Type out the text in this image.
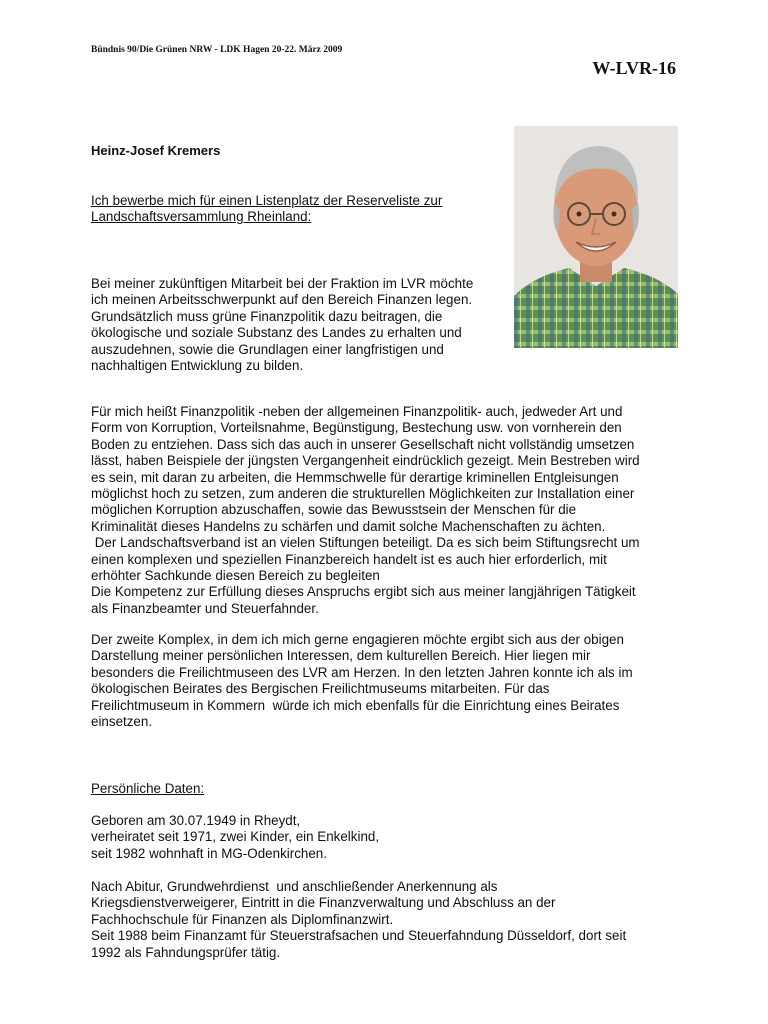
Bündnis 90/Die Grünen NRW - LDK Hagen 20-22. März 2009
W-LVR-16
Heinz-Josef Kremers

Ich bewerbe mich für einen Listenplatz der Reserveliste zur
Landschaftsversammlung Rheinland:

Bei meiner zukünftigen Mitarbeit bei der Fraktion im LVR möchte
ich meinen Arbeitsschwerpunkt auf den Bereich Finanzen legen.
Grundsätzlich muss grüne Finanzpolitik dazu beitragen, die
ökologische und soziale Substanz des Landes zu erhalten und
auszudehnen, sowie die Grundlagen einer langfristigen und
nachhaltigen Entwicklung zu bilden.

Für mich heißt Finanzpolitik -neben der allgemeinen Finanzpolitik- auch, jedweder Art und
Form von Korruption, Vorteilsnahme, Begünstigung, Bestechung usw. von vornherein den
Boden zu entziehen. Dass sich das auch in unserer Gesellschaft nicht vollständig umsetzen
lässt, haben Beispiele der jüngsten Vergangenheit eindrücklich gezeigt. Mein Bestreben wird
es sein, mit daran zu arbeiten, die Hemmschwelle für derartige kriminellen Entgleisungen
möglichst hoch zu setzen, zum anderen die strukturellen Möglichkeiten zur Installation einer
möglichen Korruption abzuschaffen, sowie das Bewusstsein der Menschen für die
Kriminalität dieses Handelns zu schärfen und damit solche Machenschaften zu ächten.
Der Landschaftsverband ist an vielen Stiftungen beteiligt. Da es sich beim Stiftungsrecht um
einen komplexen und speziellen Finanzbereich handelt ist es auch hier erforderlich, mit
erhöhter Sachkunde diesen Bereich zu begleiten
Die Kompetenz zur Erfüllung dieses Anspruchs ergibt sich aus meiner langjährigen Tätigkeit
als Finanzbeamter und Steuerfahnder.

Der zweite Komplex, in dem ich mich gerne engagieren möchte ergibt sich aus der obigen
Darstellung meiner persönlichen Interessen, dem kulturellen Bereich. Hier liegen mir
besonders die Freilichtmuseen des LVR am Herzen. In den letzten Jahren konnte ich als im
ökologischen Beirates des Bergischen Freilichtmuseums mitarbeiten. Für das
Freilichtmuseum in Kommern  würde ich mich ebenfalls für die Einrichtung eines Beirates
einsetzen.

Persönliche Daten:

Geboren am 30.07.1949 in Rheydt,
verheiratet seit 1971, zwei Kinder, ein Enkelkind,
seit 1982 wohnhaft in MG-Odenkirchen.

Nach Abitur, Grundwehrdienst  und anschließender Anerkennung als
Kriegsdienstverweigerer, Eintritt in die Finanzverwaltung und Abschluss an der
Fachhochschule für Finanzen als Diplomfinanzwirt.
Seit 1988 beim Finanzamt für Steuerstrafsachen und Steuerfahndung Düsseldorf, dort seit
1992 als Fahndungsprüfer tätig.
